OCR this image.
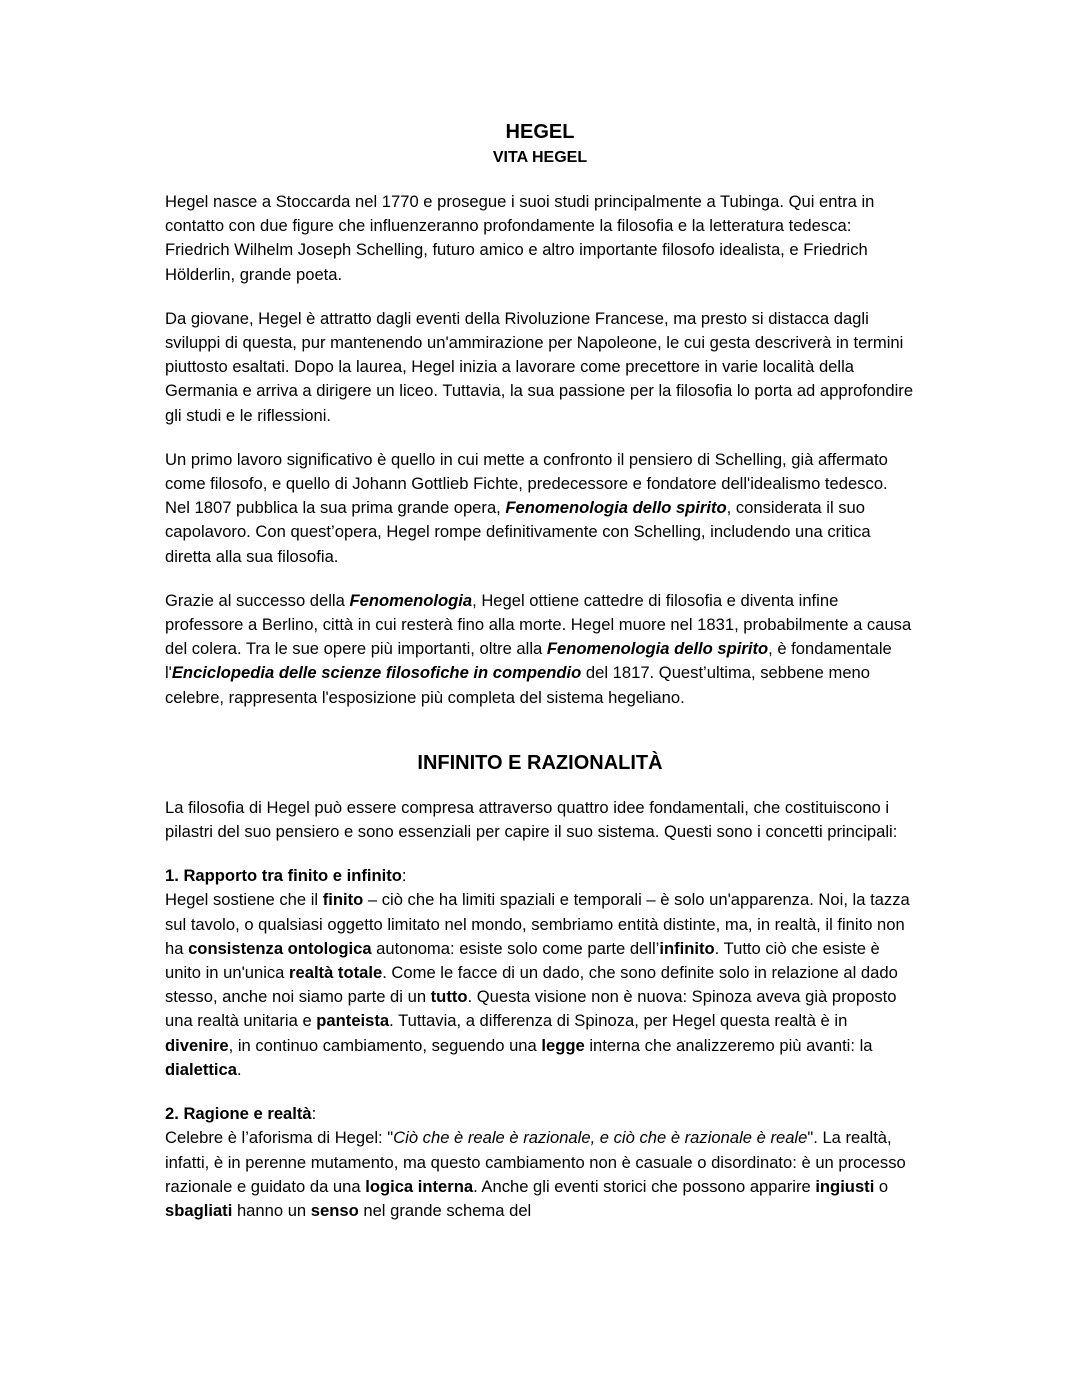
HEGEL
VITA HEGEL

Hegel nasce a Stoccarda nel 1770 e prosegue i suoi studi principalmente a Tubinga. Qui entra in contatto con due figure che influenzeranno profondamente la filosofia e la letteratura tedesca: Friedrich Wilhelm Joseph Schelling, futuro amico e altro importante filosofo idealista, e Friedrich Hölderlin, grande poeta.

Da giovane, Hegel è attratto dagli eventi della Rivoluzione Francese, ma presto si distacca dagli sviluppi di questa, pur mantenendo un'ammirazione per Napoleone, le cui gesta descriverà in termini piuttosto esaltati. Dopo la laurea, Hegel inizia a lavorare come precettore in varie località della Germania e arriva a dirigere un liceo. Tuttavia, la sua passione per la filosofia lo porta ad approfondire gli studi e le riflessioni.

Un primo lavoro significativo è quello in cui mette a confronto il pensiero di Schelling, già affermato come filosofo, e quello di Johann Gottlieb Fichte, predecessore e fondatore dell'idealismo tedesco. Nel 1807 pubblica la sua prima grande opera, Fenomenologia dello spirito, considerata il suo capolavoro. Con quest’opera, Hegel rompe definitivamente con Schelling, includendo una critica diretta alla sua filosofia.

Grazie al successo della Fenomenologia, Hegel ottiene cattedre di filosofia e diventa infine professore a Berlino, città in cui resterà fino alla morte. Hegel muore nel 1831, probabilmente a causa del colera. Tra le sue opere più importanti, oltre alla Fenomenologia dello spirito, è fondamentale l'Enciclopedia delle scienze filosofiche in compendio del 1817. Quest’ultima, sebbene meno celebre, rappresenta l'esposizione più completa del sistema hegeliano.

INFINITO E RAZIONALITÀ

La filosofia di Hegel può essere compresa attraverso quattro idee fondamentali, che costituiscono i pilastri del suo pensiero e sono essenziali per capire il suo sistema. Questi sono i concetti principali:

1. Rapporto tra finito e infinito:
Hegel sostiene che il finito – ciò che ha limiti spaziali e temporali – è solo un'apparenza. Noi, la tazza sul tavolo, o qualsiasi oggetto limitato nel mondo, sembriamo entità distinte, ma, in realtà, il finito non ha consistenza ontologica autonoma: esiste solo come parte dell’infinito. Tutto ciò che esiste è unito in un'unica realtà totale. Come le facce di un dado, che sono definite solo in relazione al dado stesso, anche noi siamo parte di un tutto. Questa visione non è nuova: Spinoza aveva già proposto una realtà unitaria e panteista. Tuttavia, a differenza di Spinoza, per Hegel questa realtà è in divenire, in continuo cambiamento, seguendo una legge interna che analizzeremo più avanti: la dialettica.

2. Ragione e realtà:
Celebre è l’aforisma di Hegel: "Ciò che è reale è razionale, e ciò che è razionale è reale". La realtà, infatti, è in perenne mutamento, ma questo cambiamento non è casuale o disordinato: è un processo razionale e guidato da una logica interna. Anche gli eventi storici che possono apparire ingiusti o sbagliati hanno un senso nel grande schema del
